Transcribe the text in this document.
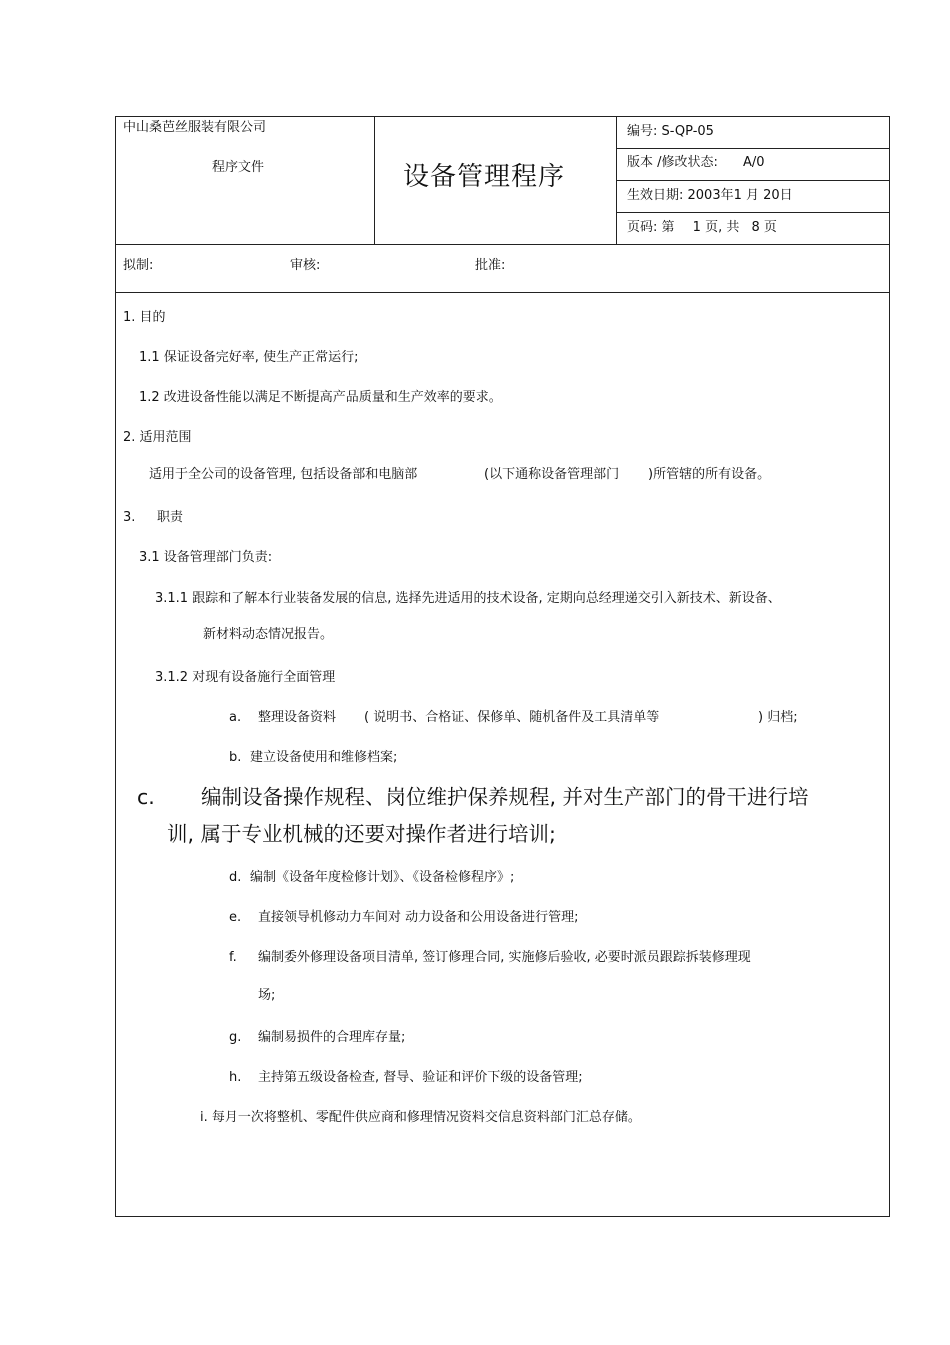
中山桑芭丝服装有限公司
程序文件	设备管理程序
编号: S-QP-05
版本 /修改状态: A/0
生效日期: 2003年1 月 20日
页码: 第 1 页, 共 8 页
拟制:	审核:	批准:
1. 目的
1.1 保证设备完好率, 使生产正常运行;
1.2 改进设备性能以满足不断提高产品质量和生产效率的要求。
2. 适用范围
适用于全公司的设备管理, 包括设备部和电脑部	(以下通称设备管理部门 )所管辖的所有设备。
3. 职责
3.1 设备管理部门负责:
3.1.1 跟踪和了解本行业装备发展的信息, 选择先进适用的技术设备, 定期向总经理递交引入新技术、新设备、
新材料动态情况报告。
3.1.2 对现有设备施行全面管理
a. 整理设备资料 ( 说明书、合格证、保修单、随机备件及工具清单等	) 归档;
b. 建立设备使用和维修档案;
c. 编制设备操作规程、岗位维护保养规程, 并对生产部门的骨干进行培
训, 属于专业机械的还要对操作者进行培训;
d. 编制《设备年度检修计划》、《设备检修程序》;
e. 直接领导机修动力车间对 动力设备和公用设备进行管理;
f. 编制委外修理设备项目清单, 签订修理合同, 实施修后验收, 必要时派员跟踪拆装修理现
场;
g. 编制易损件的合理库存量;
h. 主持第五级设备检查, 督导、验证和评价下级的设备管理;
i. 每月一次将整机、零配件供应商和修理情况资料交信息资料部门汇总存储。
